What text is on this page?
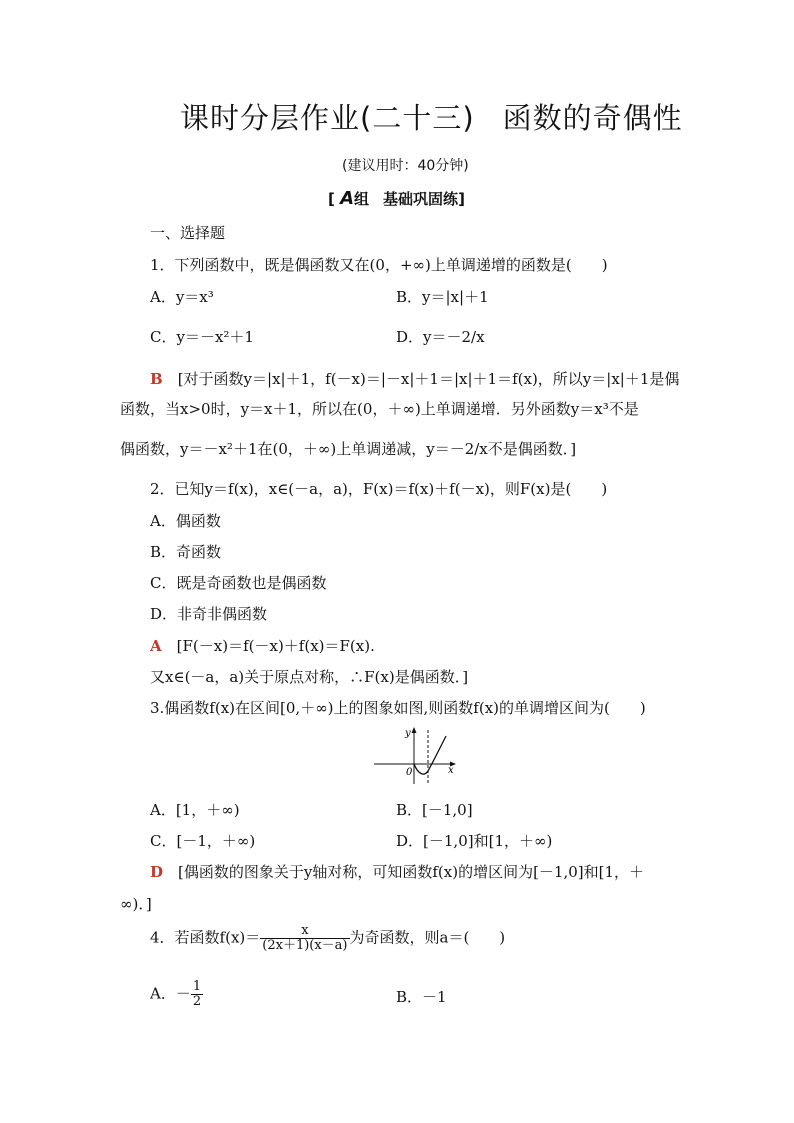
课时分层作业(二十三) 函数的奇偶性
(建议用时：40分钟)
[ A组 基础巩固练]
一、选择题
1．下列函数中，既是偶函数又在(0，+∞)上单调递增的函数是(　　)
A．y＝x³	B．y＝|x|＋1
C．y＝－x²＋1	D．y＝－2/x
B　 [对于函数y＝|x|＋1，f(－x)＝|－x|＋1＝|x|＋1＝f(x)，所以y＝|x|＋1是偶
函数，当x>0时，y＝x＋1，所以在(0，＋∞)上单调递增．另外函数y＝x³不是
偶函数，y＝－x²＋1在(0，＋∞)上单调递减，y＝－2/x不是偶函数．]
2．已知y＝f(x)，x∈(－a，a)，F(x)＝f(x)＋f(－x)，则F(x)是(　　)
A．偶函数
B．奇函数
C．既是奇函数也是偶函数
D．非奇非偶函数
A　 [F(－x)＝f(－x)＋f(x)＝F(x).
又x∈(－a，a)关于原点对称，∴F(x)是偶函数．]
3.偶函数f(x)在区间[0,＋∞)上的图象如图,则函数f(x)的单调增区间为(　　)
y
0	x
A．[1，＋∞)	B．[－1,0]
C．[－1，＋∞)	D．[－1,0]和[1，＋∞)
D　 [偶函数的图象关于y轴对称，可知函数f(x)的增区间为[－1,0]和[1，＋
∞)．]
4．若函数$f(x)= \frac{x}{(2x+1)(x-a)}$ 为奇函数，则a＝(　　)
A．－ $\frac{1}{2}$	B．－1
